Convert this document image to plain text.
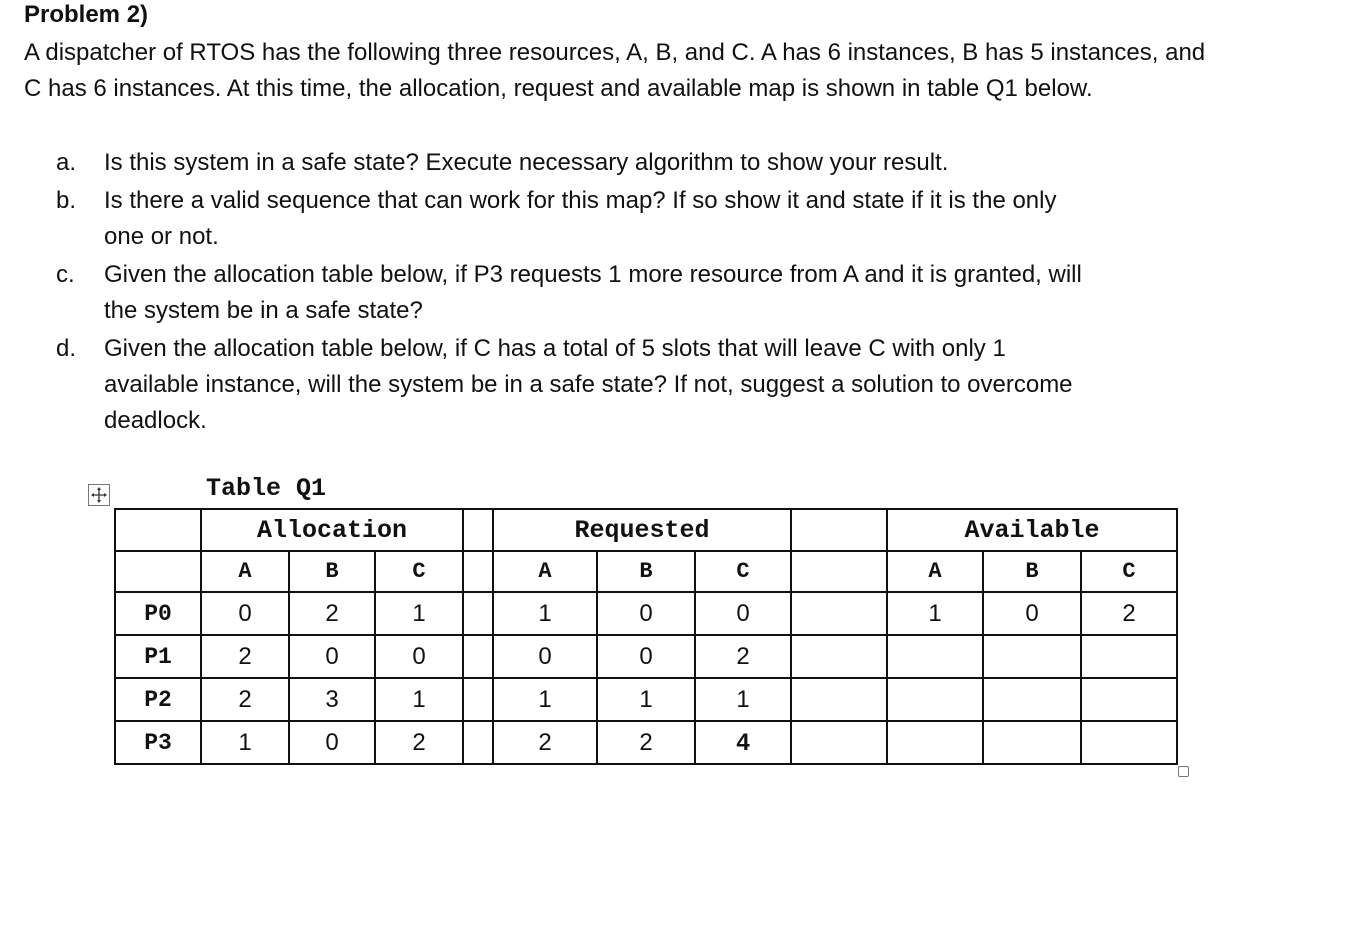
Problem 2)
A dispatcher of RTOS has the following three resources, A, B, and C. A has 6 instances, B has 5 instances, and C has 6 instances. At this time, the allocation, request and available map is shown in table Q1 below.
a.	Is this system in a safe state? Execute necessary algorithm to show your result.
b.	Is there a valid sequence that can work for this map? If so show it and state if it is the only one or not.
c.	Given the allocation table below, if P3 requests 1 more resource from A and it is granted, will the system be in a safe state?
d.	Given the allocation table below, if C has a total of 5 slots that will leave C with only 1 available instance, will the system be in a safe state? If not, suggest a solution to overcome deadlock.
Table Q1
	Allocation				Requested				Available		
	A	B	C		A	B	C		A	B	C
P0	0	2	1		1	0	0		1	0	2
P1	2	0	0		0	0	2				
P2	2	3	1		1	1	1				
P3	1	0	2		2	2	4				
